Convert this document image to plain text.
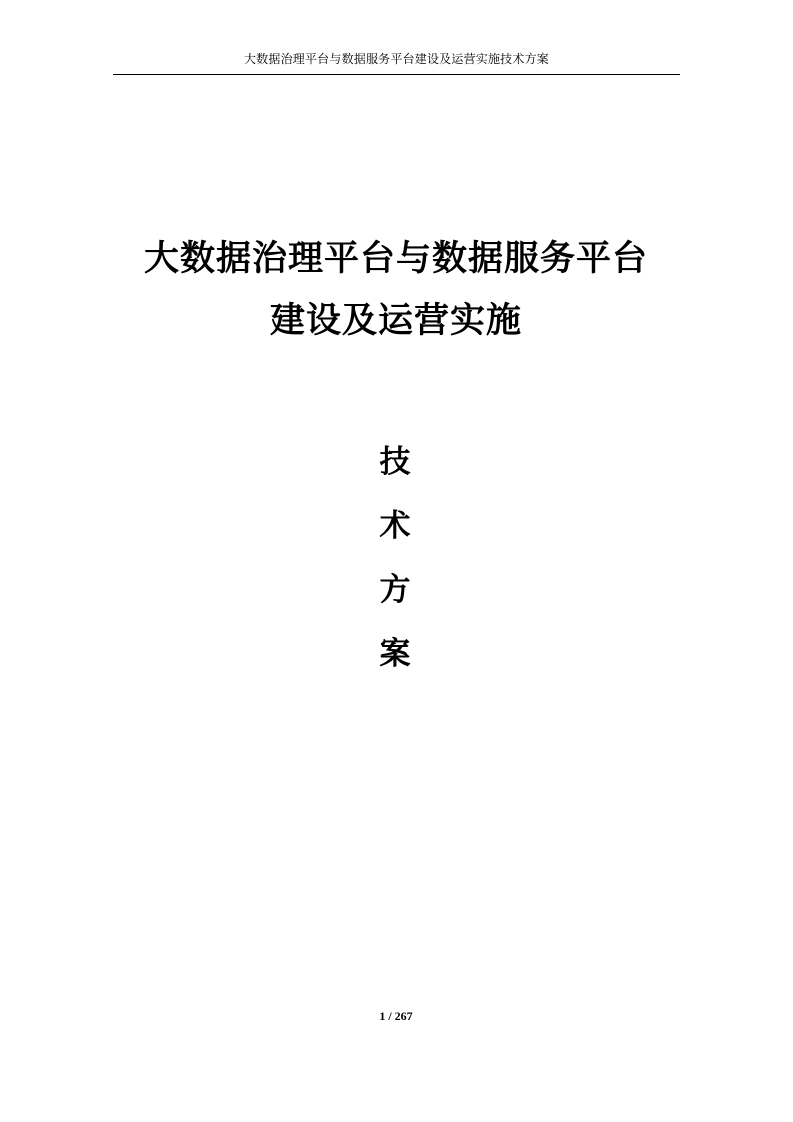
大数据治理平台与数据服务平台建设及运营实施技术方案
大数据治理平台与数据服务平台
建设及运营实施
技
术
方
案
1 / 267
